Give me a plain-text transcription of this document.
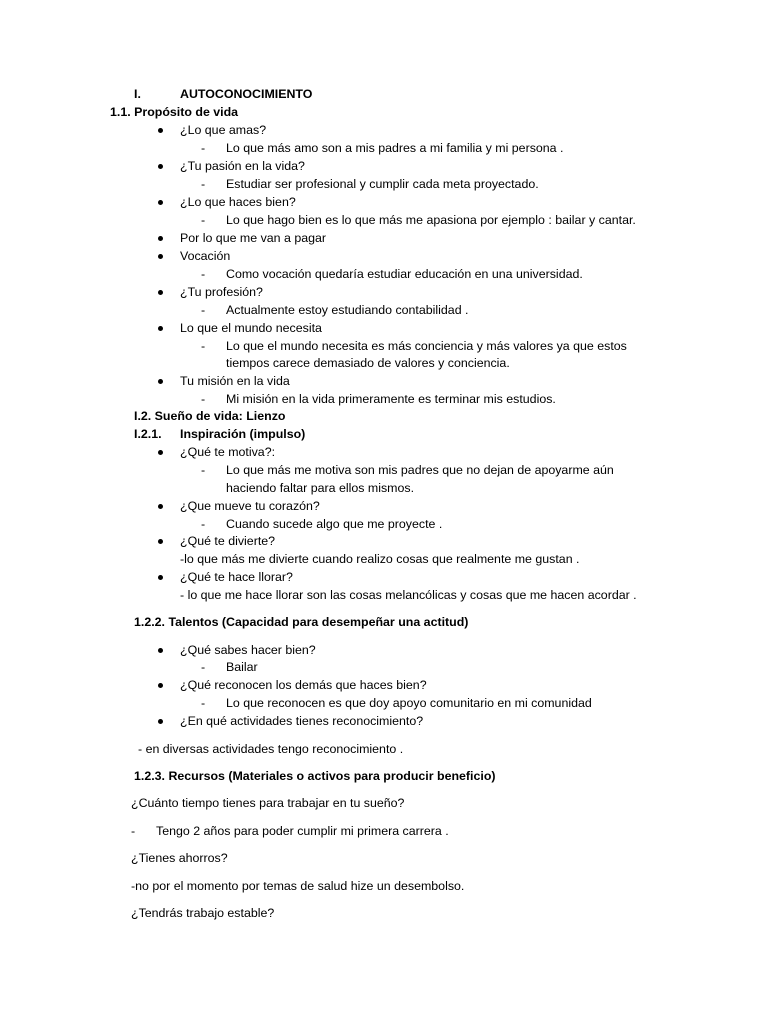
I.	AUTOCONOCIMIENTO
1.1. Propósito de vida
¿Lo que amas?
- Lo que más amo son a mis padres a mi familia y mi persona .
¿Tu pasión en la vida?
- Estudiar ser profesional y cumplir cada meta proyectado.
¿Lo que haces bien?
- Lo que hago bien es lo que más me apasiona por ejemplo : bailar y cantar.
Por lo que me van a pagar
Vocación
- Como vocación quedaría estudiar educación en una universidad.
¿Tu profesión?
- Actualmente estoy estudiando contabilidad .
Lo que el mundo necesita
- Lo que el mundo necesita es más conciencia y más valores ya que estos
tiempos carece demasiado de valores y conciencia.
Tu misión en la vida
- Mi misión en la vida primeramente es terminar mis estudios.
I.2. Sueño de vida: Lienzo
I.2.1. Inspiración (impulso)
¿Qué te motiva?:
- Lo que más me motiva son mis padres que no dejan de apoyarme aún
haciendo faltar para ellos mismos.
¿Que mueve tu corazón?
- Cuando sucede algo que me proyecte .
¿Qué te divierte?
-lo que más me divierte cuando realizo cosas que realmente me gustan .
¿Qué te hace llorar?
- lo que me hace llorar son las cosas melancólicas y cosas que me hacen acordar .
1.2.2. Talentos (Capacidad para desempeñar una actitud)
¿Qué sabes hacer bien?
- Bailar
¿Qué reconocen los demás que haces bien?
- Lo que reconocen es que doy apoyo comunitario en mi comunidad
¿En qué actividades tienes reconocimiento?
- en diversas actividades tengo reconocimiento .
1.2.3. Recursos (Materiales o activos para producir beneficio)
¿Cuánto tiempo tienes para trabajar en tu sueño?
- Tengo 2 años para poder cumplir mi primera carrera .
¿Tienes ahorros?
-no por el momento por temas de salud hize un desembolso.
¿Tendrás trabajo estable?
